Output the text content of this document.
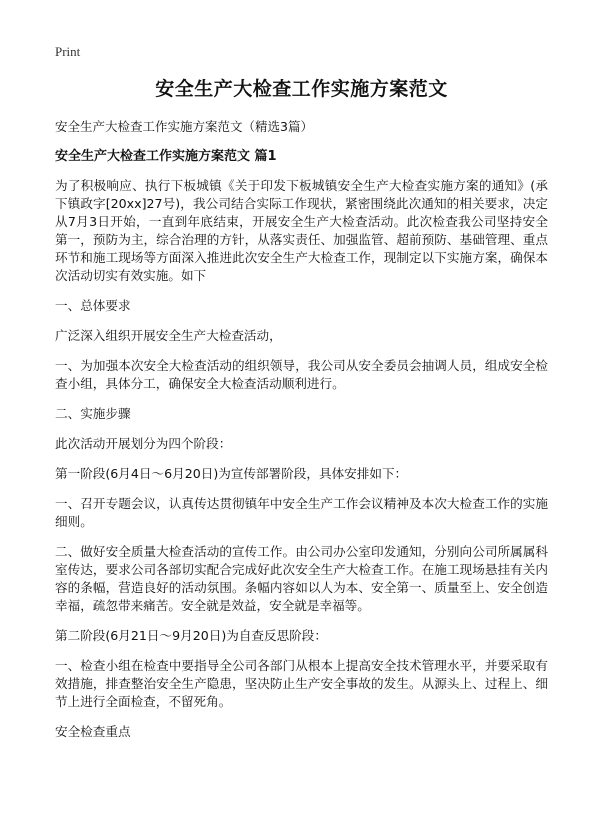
Print
安全生产大检查工作实施方案范文
安全生产大检查工作实施方案范文（精选3篇）
安全生产大检查工作实施方案范文 篇1

为了积极响应、执行下板城镇《关于印发下板城镇安全生产大检查实施方案的通知》(承下镇政字[20xx]27号)，我公司结合实际工作现状，紧密围绕此次通知的相关要求，决定从7月3日开始，一直到年底结束，开展安全生产大检查活动。此次检查我公司坚持安全第一，预防为主，综合治理的方针，从落实责任、加强监管、超前预防、基础管理、重点环节和施工现场等方面深入推进此次安全生产大检查工作，现制定以下实施方案，确保本次活动切实有效实施。如下

一、总体要求

广泛深入组织开展安全生产大检查活动，

一、为加强本次安全大检查活动的组织领导，我公司从安全委员会抽调人员，组成安全检查小组，具体分工，确保安全大检查活动顺利进行。

二、实施步骤

此次活动开展划分为四个阶段：

第一阶段(6月4日～6月20日)为宣传部署阶段，具体安排如下：

一、召开专题会议，认真传达贯彻镇年中安全生产工作会议精神及本次大检查工作的实施细则。

二、做好安全质量大检查活动的宣传工作。由公司办公室印发通知，分别向公司所属属科室传达，要求公司各部切实配合完成好此次安全生产大检查工作。在施工现场悬挂有关内容的条幅，营造良好的活动氛围。条幅内容如以人为本、安全第一、质量至上、安全创造幸福，疏忽带来痛苦。安全就是效益，安全就是幸福等。

第二阶段(6月21日～9月20日)为自查反思阶段：

一、检查小组在检查中要指导全公司各部门从根本上提高安全技术管理水平，并要采取有效措施，排查整治安全生产隐患，坚决防止生产安全事故的发生。从源头上、过程上、细节上进行全面检查，不留死角。

安全检查重点
